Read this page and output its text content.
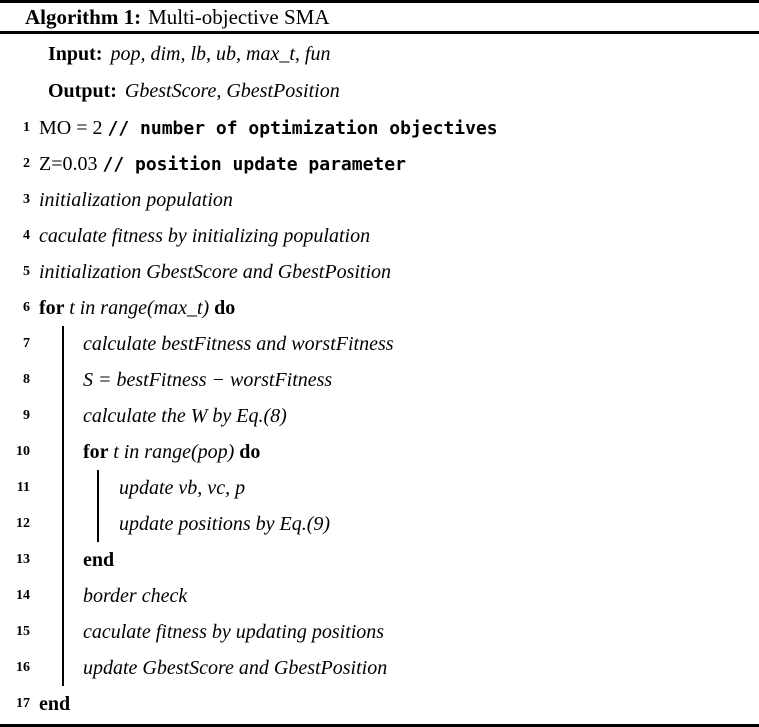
Algorithm 1: Multi-objective SMA
Input: pop, dim, lb, ub, max_t, fun
Output: GbestScore, GbestPosition
1 MO = 2 // number of optimization objectives
2 Z=0.03 // position update parameter
3 initialization population
4 caculate fitness by initializing population
5 initialization GbestScore and GbestPosition
6 for t in range(max_t) do
7	calculate bestFitness and worstFitness
8	S = bestFitness − worstFitness
9	calculate the W by Eq.(8)
10	for t in range(pop) do
11	update vb, vc, p
12	update positions by Eq.(9)
13	end
14	border check
15	caculate fitness by updating positions
16	update GbestScore and GbestPosition
17 end
